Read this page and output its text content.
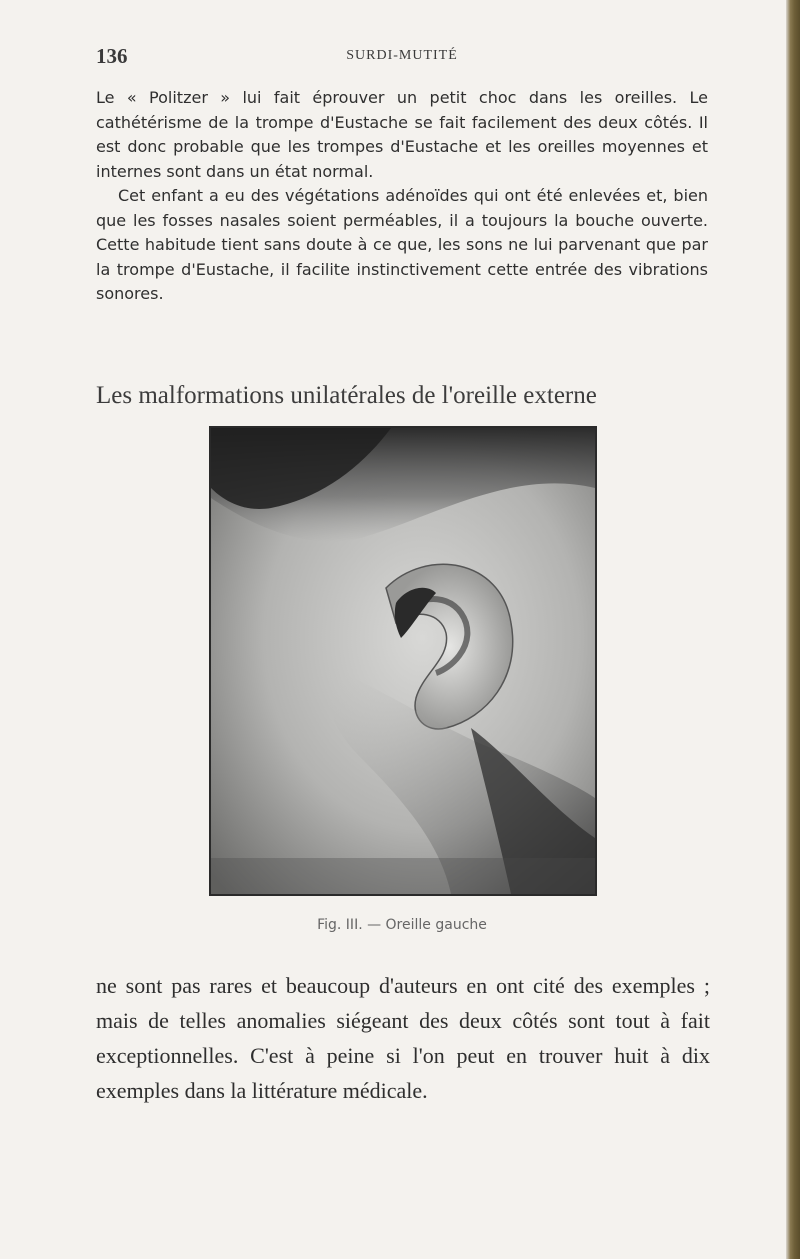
136	SURDI-MUTITÉ

Le « Politzer » lui fait éprouver un petit choc dans les oreilles. Le cathétérisme de la trompe d'Eustache se fait facilement des deux côtés. Il est donc probable que les trompes d'Eustache et les oreilles moyennes et internes sont dans un état normal.

Cet enfant a eu des végétations adénoïdes qui ont été enlevées et, bien que les fosses nasales soient perméables, il a toujours la bouche ouverte. Cette habitude tient sans doute à ce que, les sons ne lui parvenant que par la trompe d'Eustache, il facilite instinctivement cette entrée des vibrations sonores.

Les malformations unilatérales de l'oreille externe
Fig. III. — Oreille gauche
ne sont pas rares et beaucoup d'auteurs en ont cité des exemples ; mais de telles anomalies siégeant des deux côtés sont tout à fait exceptionnelles. C'est à peine si l'on peut en trouver huit à dix exemples dans la littérature médicale.
